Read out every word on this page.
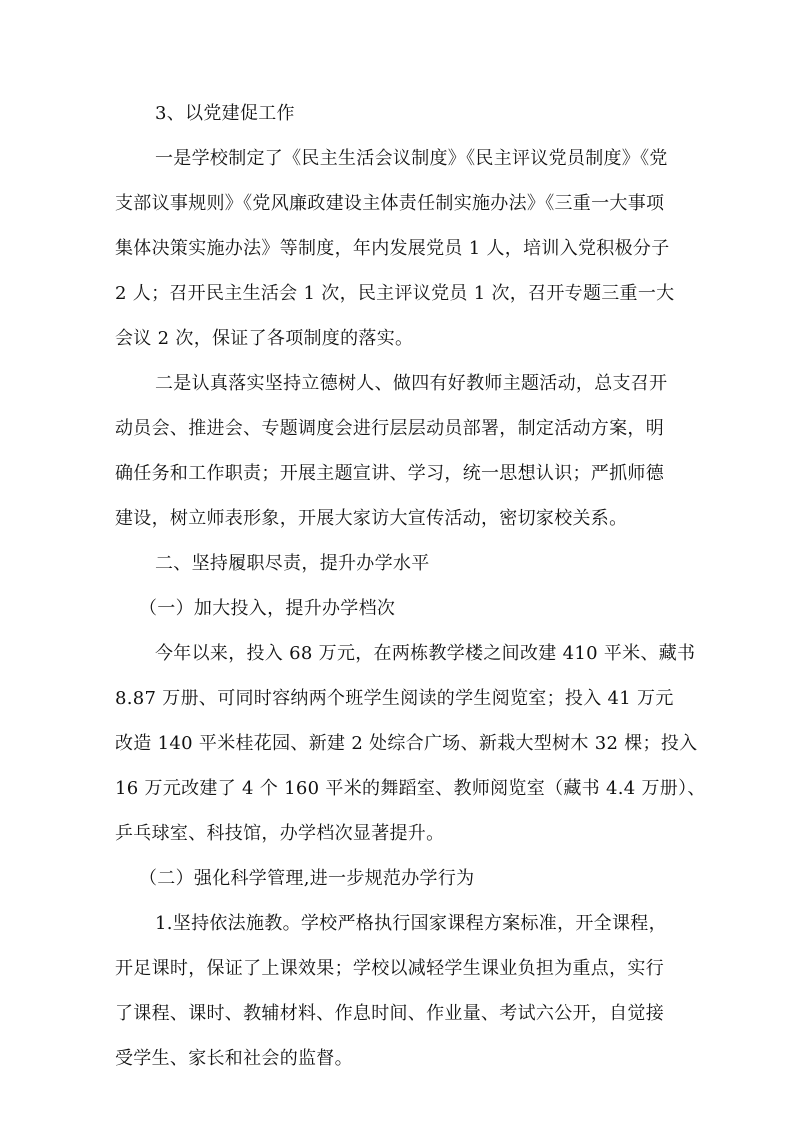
3、以党建促工作
一是学校制定了《民主生活会议制度》《民主评议党员制度》《党
支部议事规则》《党风廉政建设主体责任制实施办法》《三重一大事项
集体决策实施办法》等制度，年内发展党员 1 人，培训入党积极分子
2 人；召开民主生活会 1 次，民主评议党员 1 次，召开专题三重一大
会议 2 次，保证了各项制度的落实。
二是认真落实坚持立德树人、做四有好教师主题活动，总支召开
动员会、推进会、专题调度会进行层层动员部署，制定活动方案，明
确任务和工作职责；开展主题宣讲、学习，统一思想认识；严抓师德
建设，树立师表形象，开展大家访大宣传活动，密切家校关系。
二、坚持履职尽责，提升办学水平
（一）加大投入，提升办学档次
今年以来，投入 68 万元，在两栋教学楼之间改建 410 平米、藏书
8.87 万册、可同时容纳两个班学生阅读的学生阅览室；投入 41 万元
改造 140 平米桂花园、新建 2 处综合广场、新栽大型树木 32 棵；投入
16 万元改建了 4 个 160 平米的舞蹈室、教师阅览室（藏书 4.4 万册）、
乒乓球室、科技馆，办学档次显著提升。
（二）强化科学管理,进一步规范办学行为
1.坚持依法施教。学校严格执行国家课程方案标准，开全课程，
开足课时，保证了上课效果；学校以减轻学生课业负担为重点，实行
了课程、课时、教辅材料、作息时间、作业量、考试六公开，自觉接
受学生、家长和社会的监督。
